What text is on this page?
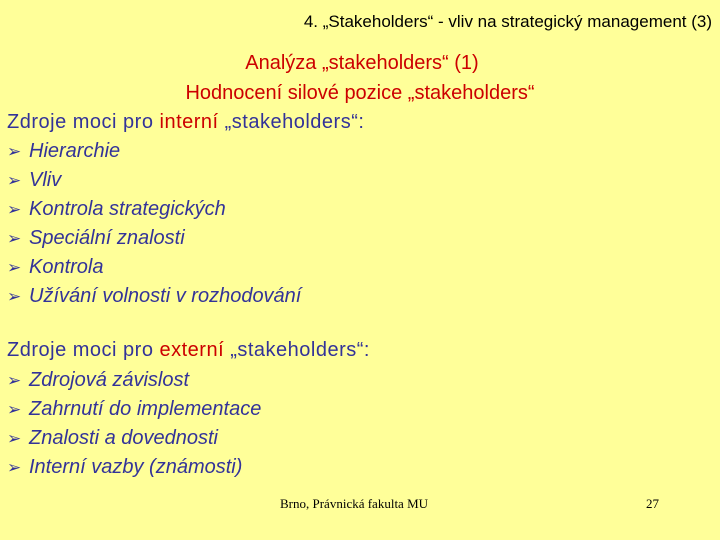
4. „Stakeholders“ - vliv na strategický management (3)
Analýza „stakeholders“ (1)
Hodnocení silové pozice „stakeholders“
Zdroje moci pro interní „stakeholders“:
➢ Hierarchie
➢ Vliv
➢ Kontrola strategických
➢ Speciální znalosti
➢ Kontrola
➢ Užívání volnosti v rozhodování
Zdroje moci pro externí „stakeholders“:
➢ Zdrojová závislost
➢ Zahrnutí do implementace
➢ Znalosti a dovednosti
➢ Interní vazby (známosti)
Brno, Právnická fakulta MU	27
